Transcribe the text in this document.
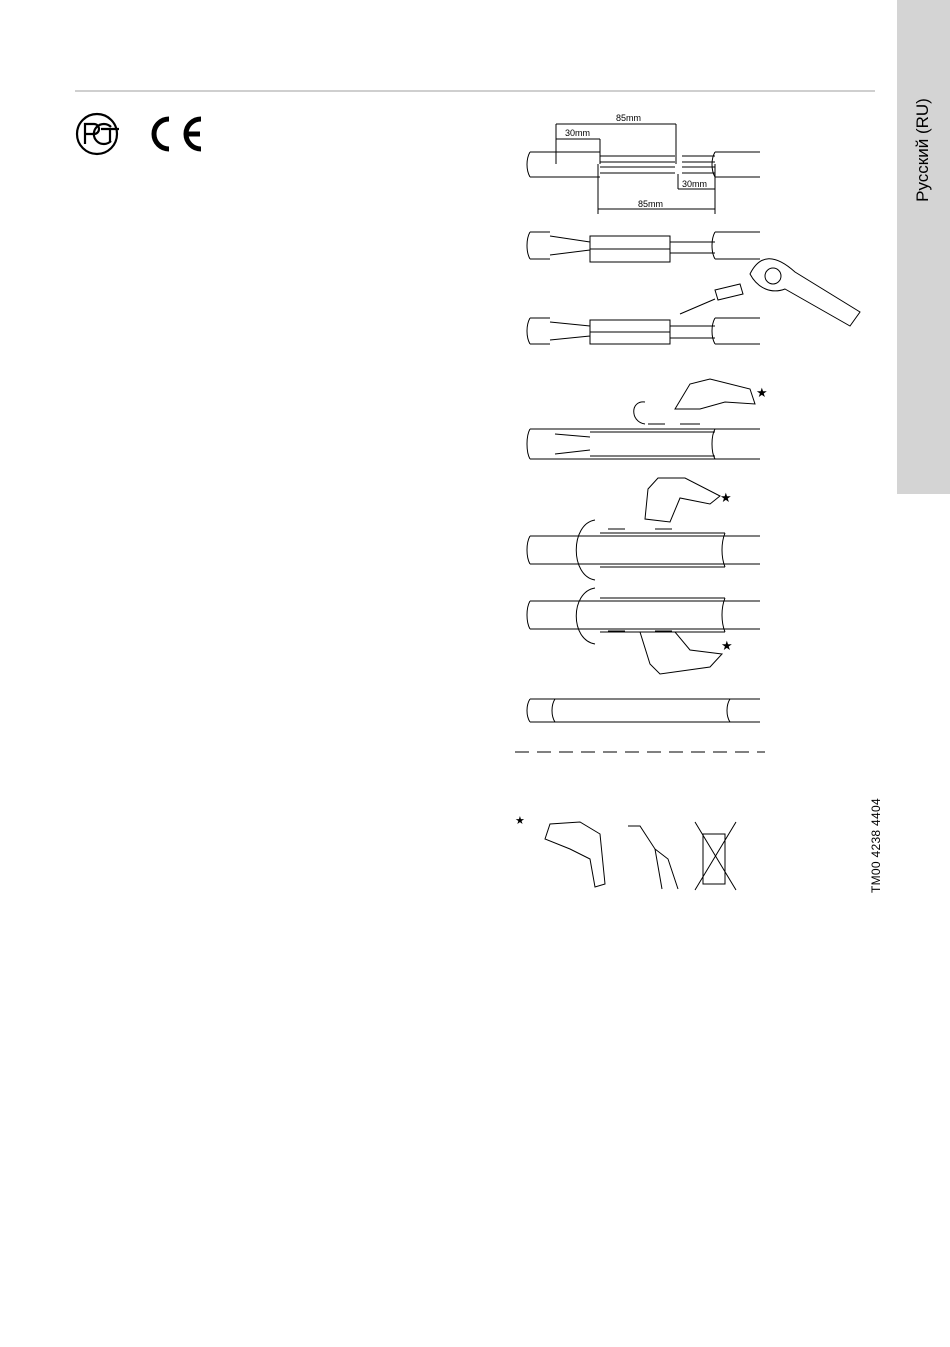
Русский (RU)
85mm
30mm
30mm
85mm
★
★
★
★	TM00 4238 4404
